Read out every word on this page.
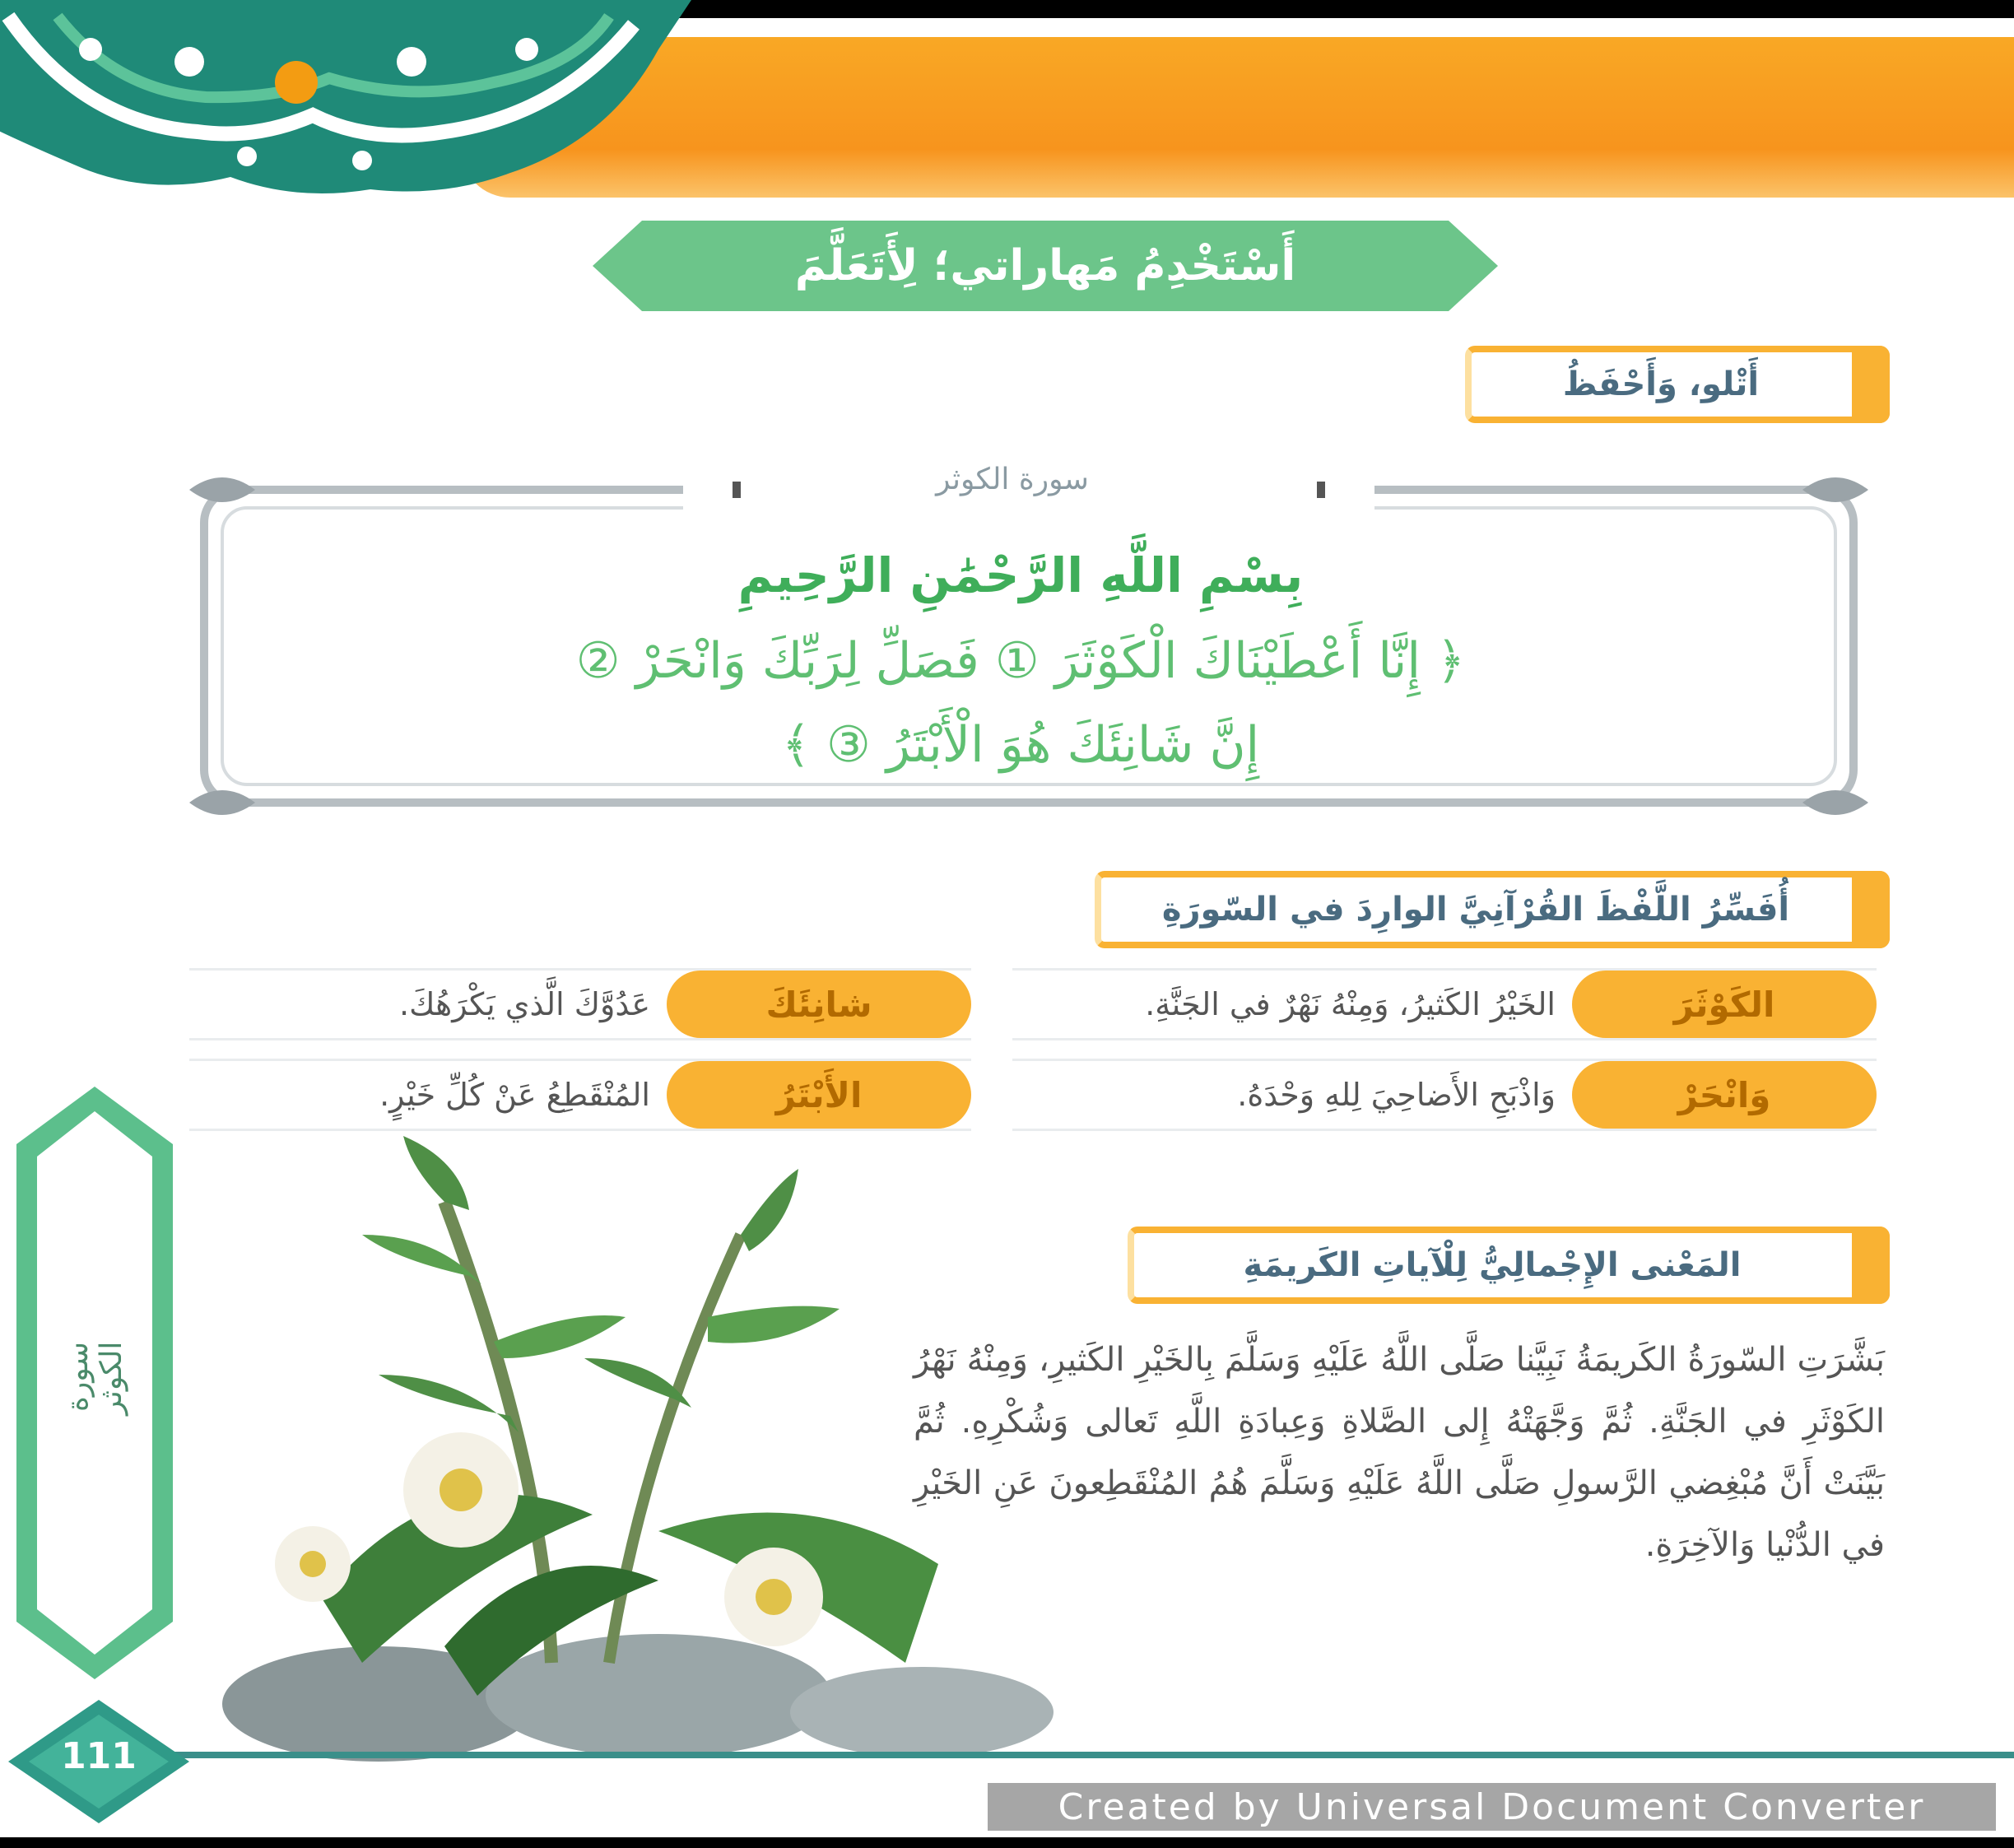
أَسْتَخْدِمُ مَهاراتي؛ لِأَتَعَلَّمَ
أَتْلو، وَأَحْفَظُ
سورة الكوثر
بِسْمِ اللَّهِ الرَّحْمَٰنِ الرَّحِيمِ
﴿ إِنَّا أَعْطَيْنَاكَ الْكَوْثَرَ ① فَصَلِّ لِرَبِّكَ وَانْحَرْ ②
إِنَّ شَانِئَكَ هُوَ الْأَبْتَرُ ③ ﴾
أُفَسِّرُ اللَّفْظَ القُرْآنِيَّ الوارِدَ في السّورَةِ
الكَوْثَرَ
الخَيْرُ الكَثيرُ، وَمِنْهُ نَهْرٌ في الجَنَّةِ.
وَانْحَرْ
وَاذْبَحِ الأَضاحِيَ لِلهِ وَحْدَهُ.
شانِئَكَ
عَدُوَّكَ الَّذي يَكْرَهُكَ.
الأَبْتَرُ
المُنْقَطِعُ عَنْ كُلِّ خَيْرٍ.
المَعْنى الإِجْمالِيُّ لِلْآياتِ الكَريمَةِ
بَشَّرَتِ السّورَةُ الكَريمَةُ نَبِيَّنا صَلَّى اللَّهُ عَلَيْهِ وَسَلَّمَ بِالخَيْرِ الكَثيرِ، وَمِنْهُ نَهْرُ الكَوْثَرِ في الجَنَّةِ. ثُمَّ وَجَّهَتْهُ إِلى الصَّلاةِ وَعِبادَةِ اللَّهِ تَعالى وَشُكْرِهِ. ثُمَّ بَيَّنَتْ أَنَّ مُبْغِضي الرَّسولِ صَلَّى اللَّهُ عَلَيْهِ وَسَلَّمَ هُمُ المُنْقَطِعونَ عَنِ الخَيْرِ في الدُّنْيا وَالآخِرَةِ.
سورة الكوثر
111
Created by Universal Document Converter
